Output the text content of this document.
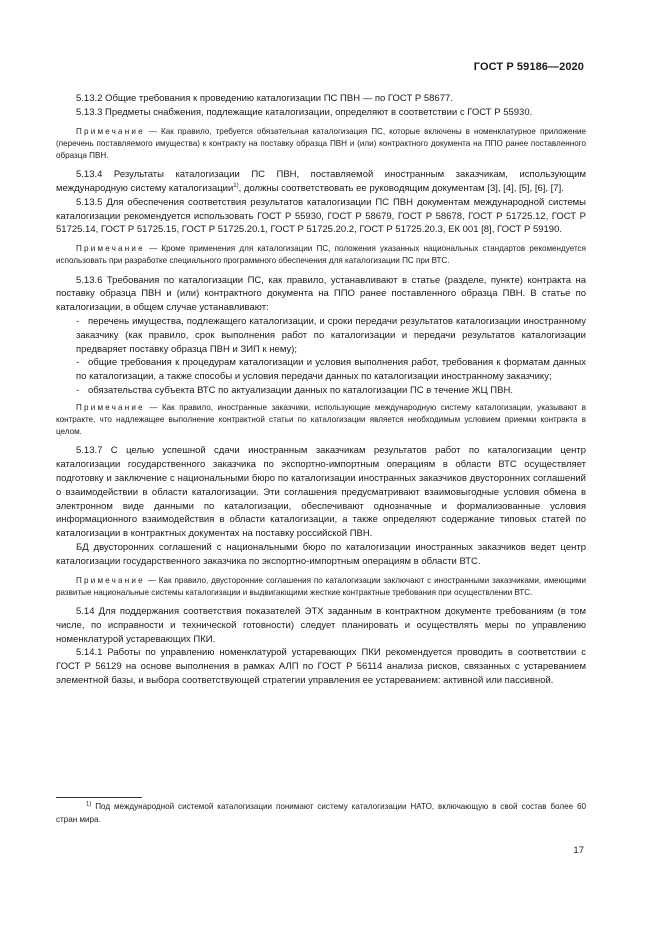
ГОСТ Р 59186—2020

5.13.2 Общие требования к проведению каталогизации ПС ПВН — по ГОСТ Р 58677.

5.13.3 Предметы снабжения, подлежащие каталогизации, определяют в соответствии с ГОСТ Р 55930.

Примечание — Как правило, требуется обязательная каталогизация ПС, которые включены в номенклатурное приложение (перечень поставляемого имущества) к контракту на поставку образца ПВН и (или) контрактного документа на ППО ранее поставленного образца ПВН.

5.13.4 Результаты каталогизации ПС ПВН, поставляемой иностранным заказчикам, использующим международную систему каталогизации$^{1)}$, должны соответствовать ее руководящим документам [3], [4], [5], [6], [7].

5.13.5 Для обеспечения соответствия результатов каталогизации ПС ПВН документам международной системы каталогизации рекомендуется использовать ГОСТ Р 55930, ГОСТ Р 58679, ГОСТ Р 58678, ГОСТ Р 51725.12, ГОСТ Р 51725.14, ГОСТ Р 51725.15, ГОСТ Р 51725.20.1, ГОСТ Р 51725.20.2, ГОСТ Р 51725.20.3, ЕК 001 [8], ГОСТ Р 59190.

Примечание — Кроме применения для каталогизации ПС, положения указанных национальных стандартов рекомендуется использовать при разработке специального программного обеспечения для каталогизации ПС при ВТС.

5.13.6 Требования по каталогизации ПС, как правило, устанавливают в статье (разделе, пункте) контракта на поставку образца ПВН и (или) контрактного документа на ППО ранее поставленного образца ПВН. В статье по каталогизации, в общем случае устанавливают:

- перечень имущества, подлежащего каталогизации, и сроки передачи результатов каталогизации иностранному заказчику (как правило, срок выполнения работ по каталогизации и передачи результатов каталогизации предваряет поставку образца ПВН и ЗИП к нему);

- общие требования к процедурам каталогизации и условия выполнения работ, требования к форматам данных по каталогизации, а также способы и условия передачи данных по каталогизации иностранному заказчику;

- обязательства субъекта ВТС по актуализации данных по каталогизации ПС в течение ЖЦ ПВН.

Примечание — Как правило, иностранные заказчики, использующие международную систему каталогизации, указывают в контракте, что надлежащее выполнение контрактной статьи по каталогизации является необходимым условием приемки контракта в целом.

5.13.7 С целью успешной сдачи иностранным заказчикам результатов работ по каталогизации центр каталогизации государственного заказчика по экспортно-импортным операциям в области ВТС осуществляет подготовку и заключение с национальными бюро по каталогизации иностранных заказчиков двусторонних соглашений о взаимодействии в области каталогизации. Эти соглашения предусматривают взаимовыгодные условия обмена в электронном виде данными по каталогизации, обеспечивают однозначные и формализованные условия информационного взаимодействия в области каталогизации, а также определяют содержание типовых статей по каталогизации в контрактных документах на поставку российской ПВН.

БД двусторонних соглашений с национальными бюро по каталогизации иностранных заказчиков ведет центр каталогизации государственного заказчика по экспортно-импортным операциям в области ВТС.

Примечание — Как правило, двусторонние соглашения по каталогизации заключают с иностранными заказчиками, имеющими развитые национальные системы каталогизации и выдвигающими жесткие контрактные требования при осуществлении ВТС.

5.14 Для поддержания соответствия показателей ЭТХ заданным в контрактном документе требованиям (в том числе, по исправности и технической готовности) следует планировать и осуществлять меры по управлению номенклатурой устаревающих ПКИ.

5.14.1 Работы по управлению номенклатурой устаревающих ПКИ рекомендуется проводить в соответствии с ГОСТ Р 56129 на основе выполнения в рамках АЛП по ГОСТ Р 56114 анализа рисков, связанных с устареванием элементной базы, и выбора соответствующей стратегии управления ее устареванием: активной или пассивной.

$^{1)}$ Под международной системой каталогизации понимают систему каталогизации НАТО, включающую в свой состав более 60 стран мира.

17
